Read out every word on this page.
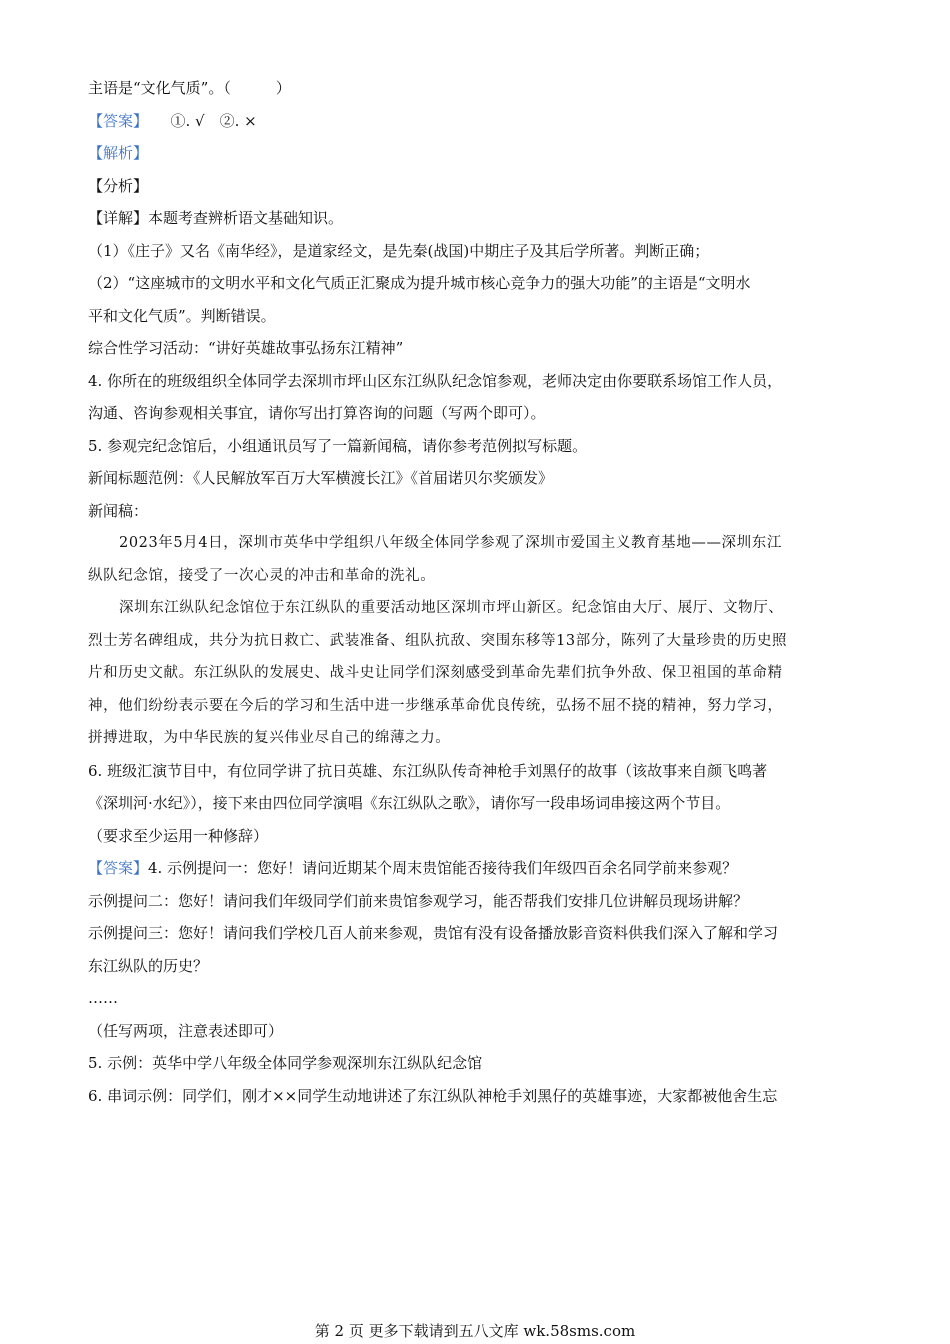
主语是“文化气质”。（　　　）
【答案】　　①. √　②. ×
【解析】
【分析】
【详解】本题考查辨析语文基础知识。
（1）《庄子》又名《南华经》，是道家经文，是先秦(战国)中期庄子及其后学所著。判断正确；
（2）“这座城市的文明水平和文化气质正汇聚成为提升城市核心竞争力的强大功能”的主语是“文明水
平和文化气质”。判断错误。
综合性学习活动：“讲好英雄故事弘扬东江精神”
4. 你所在的班级组织全体同学去深圳市坪山区东江纵队纪念馆参观，老师决定由你要联系场馆工作人员，
沟通、咨询参观相关事宜，请你写出打算咨询的问题（写两个即可）。
5. 参观完纪念馆后，小组通讯员写了一篇新闻稿，请你参考范例拟写标题。
新闻标题范例：《人民解放军百万大军横渡长江》《首届诺贝尔奖颁发》
新闻稿：
2023年5月4日，深圳市英华中学组织八年级全体同学参观了深圳市爱国主义教育基地——深圳东江
纵队纪念馆，接受了一次心灵的冲击和革命的洗礼。
深圳东江纵队纪念馆位于东江纵队的重要活动地区深圳市坪山新区。纪念馆由大厅、展厅、文物厅、
烈士芳名碑组成，共分为抗日救亡、武装准备、组队抗敌、突围东移等13部分，陈列了大量珍贵的历史照
片和历史文献。东江纵队的发展史、战斗史让同学们深刻感受到革命先辈们抗争外敌、保卫祖国的革命精
神，他们纷纷表示要在今后的学习和生活中进一步继承革命优良传统，弘扬不屈不挠的精神，努力学习，
拼搏进取，为中华民族的复兴伟业尽自己的绵薄之力。
6. 班级汇演节目中，有位同学讲了抗日英雄、东江纵队传奇神枪手刘黑仔的故事（该故事来自颜飞鸣著
《深圳河·水纪》），接下来由四位同学演唱《东江纵队之歌》，请你写一段串场词串接这两个节目。
（要求至少运用一种修辞）
【答案】4. 示例提问一：您好！请问近期某个周末贵馆能否接待我们年级四百余名同学前来参观？
示例提问二：您好！请问我们年级同学们前来贵馆参观学习，能否帮我们安排几位讲解员现场讲解？
示例提问三：您好！请问我们学校几百人前来参观，贵馆有没有设备播放影音资料供我们深入了解和学习
东江纵队的历史？
……
（任写两项，注意表述即可）
5. 示例：英华中学八年级全体同学参观深圳东江纵队纪念馆
6. 串词示例：同学们，刚才××同学生动地讲述了东江纵队神枪手刘黑仔的英雄事迹，大家都被他舍生忘
第 2 页 更多下载请到五八文库 wk.58sms.com
